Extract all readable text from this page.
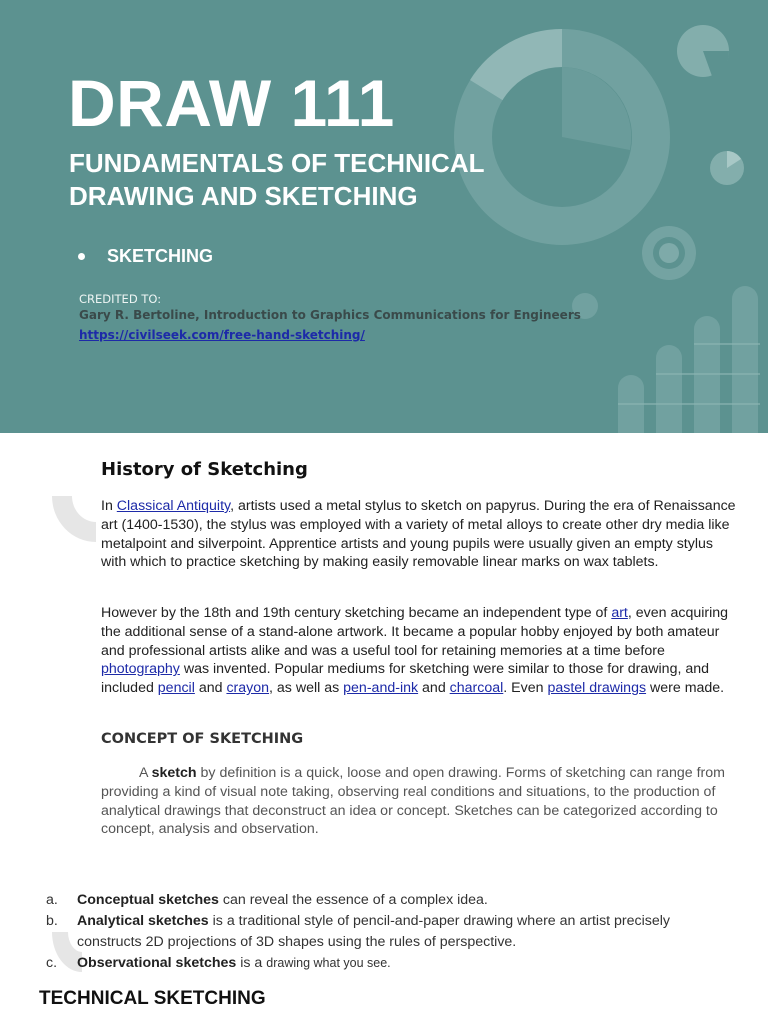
DRAW 111
FUNDAMENTALS OF TECHNICAL
DRAWING AND SKETCHING
SKETCHING
CREDITED TO:
Gary R. Bertoline, Introduction to Graphics Communications for Engineers
https://civilseek.com/free-hand-sketching/
History of Sketching

In Classical Antiquity, artists used a metal stylus to sketch on papyrus. During the era of Renaissance art (1400-1530), the stylus was employed with a variety of metal alloys to create other dry media like metalpoint and silverpoint. Apprentice artists and young pupils were usually given an empty stylus with which to practice sketching by making easily removable linear marks on wax tablets.

However by the 18th and 19th century sketching became an independent type of art, even acquiring the additional sense of a stand-alone artwork. It became a popular hobby enjoyed by both amateur and professional artists alike and was a useful tool for retaining memories at a time before photography was invented. Popular mediums for sketching were similar to those for drawing, and included pencil and crayon, as well as pen-and-ink and charcoal. Even pastel drawings were made.

CONCEPT OF SKETCHING

A sketch by definition is a quick, loose and open drawing. Forms of sketching can range from providing a kind of visual note taking, observing real conditions and situations, to the production of analytical drawings that deconstruct an idea or concept. Sketches can be categorized according to concept, analysis and observation.

a. Conceptual sketches can reveal the essence of a complex idea.
b. Analytical sketches is a traditional style of pencil-and-paper drawing where an artist precisely constructs 2D projections of 3D shapes using the rules of perspective.
c. Observational sketches is a drawing what you see.
TECHNICAL SKETCHING
